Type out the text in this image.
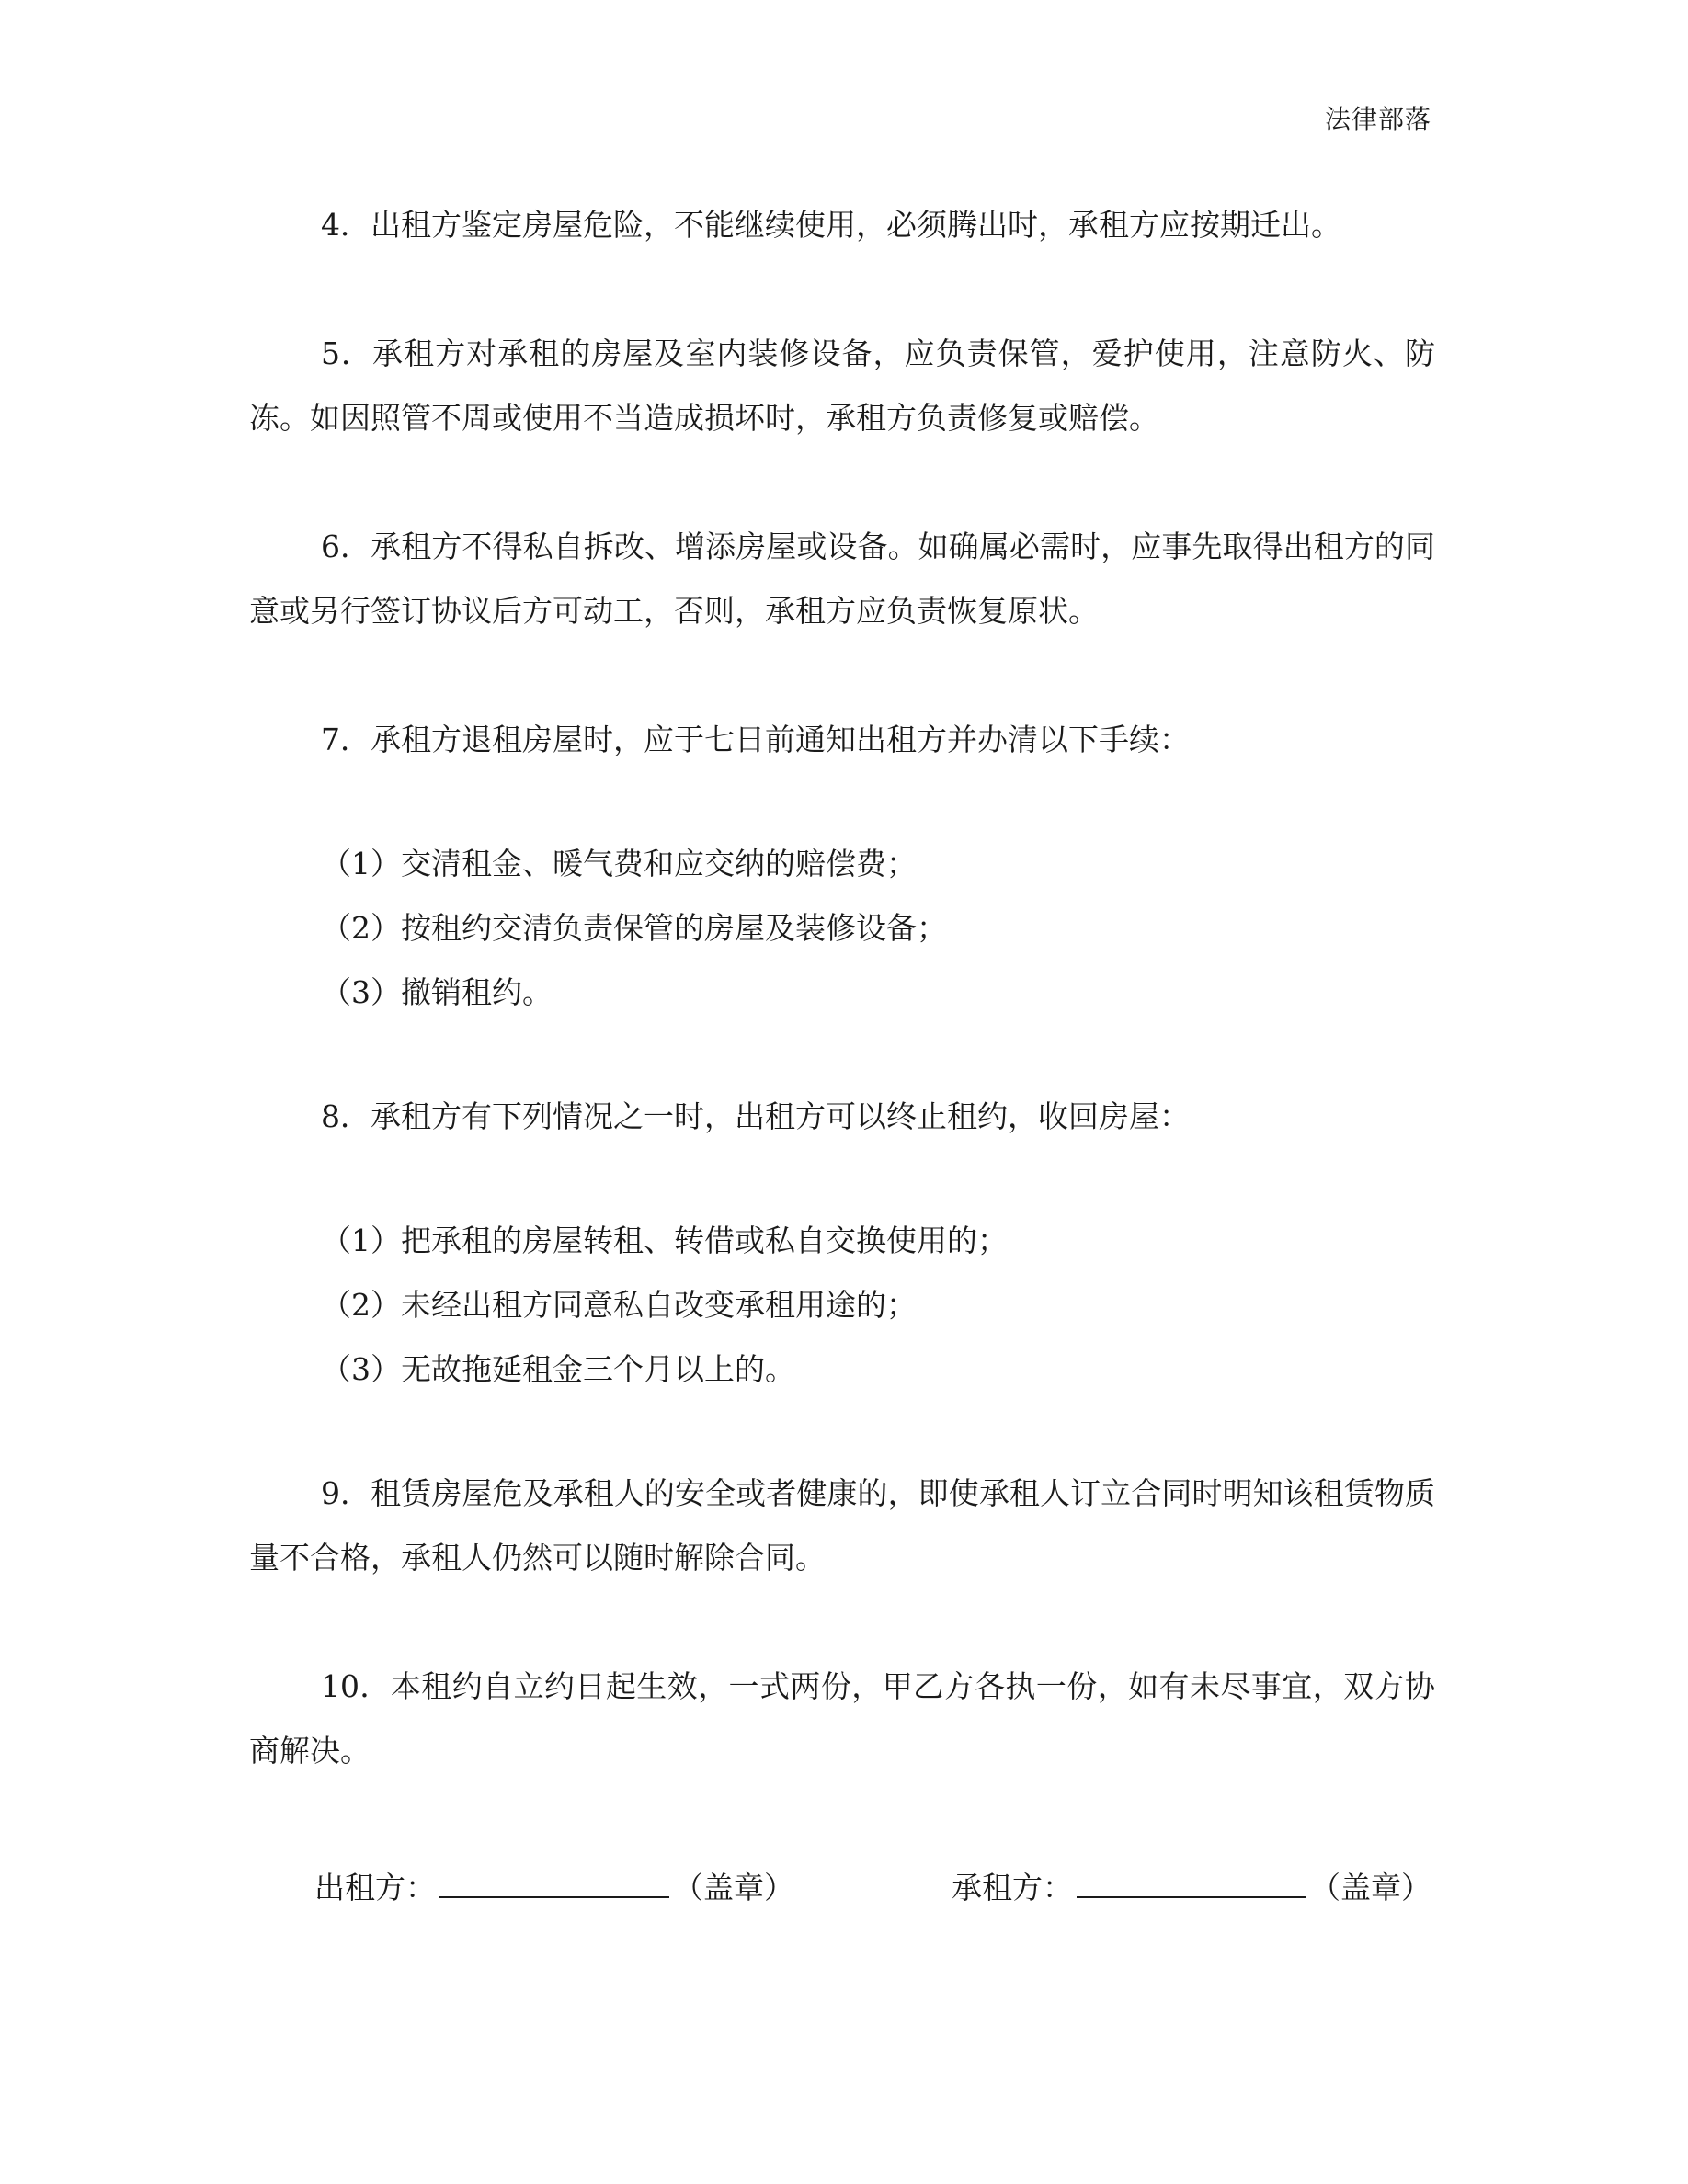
法律部落

4．出租方鉴定房屋危险，不能继续使用，必须腾出时，承租方应按期迁出。

5．承租方对承租的房屋及室内装修设备，应负责保管，爱护使用，注意防火、防冻。如因照管不周或使用不当造成损坏时，承租方负责修复或赔偿。

6．承租方不得私自拆改、增添房屋或设备。如确属必需时，应事先取得出租方的同意或另行签订协议后方可动工，否则，承租方应负责恢复原状。

7．承租方退租房屋时，应于七日前通知出租方并办清以下手续：

（1）交清租金、暖气费和应交纳的赔偿费；

（2）按租约交清负责保管的房屋及装修设备；

（3）撤销租约。

8．承租方有下列情况之一时，出租方可以终止租约，收回房屋：

（1）把承租的房屋转租、转借或私自交换使用的；

（2）未经出租方同意私自改变承租用途的；

（3）无故拖延租金三个月以上的。

9．租赁房屋危及承租人的安全或者健康的，即使承租人订立合同时明知该租赁物质量不合格，承租人仍然可以随时解除合同。

10．本租约自立约日起生效，一式两份，甲乙方各执一份，如有未尽事宜，双方协商解决。

出租方：	（盖章）	承租方：	（盖章）
